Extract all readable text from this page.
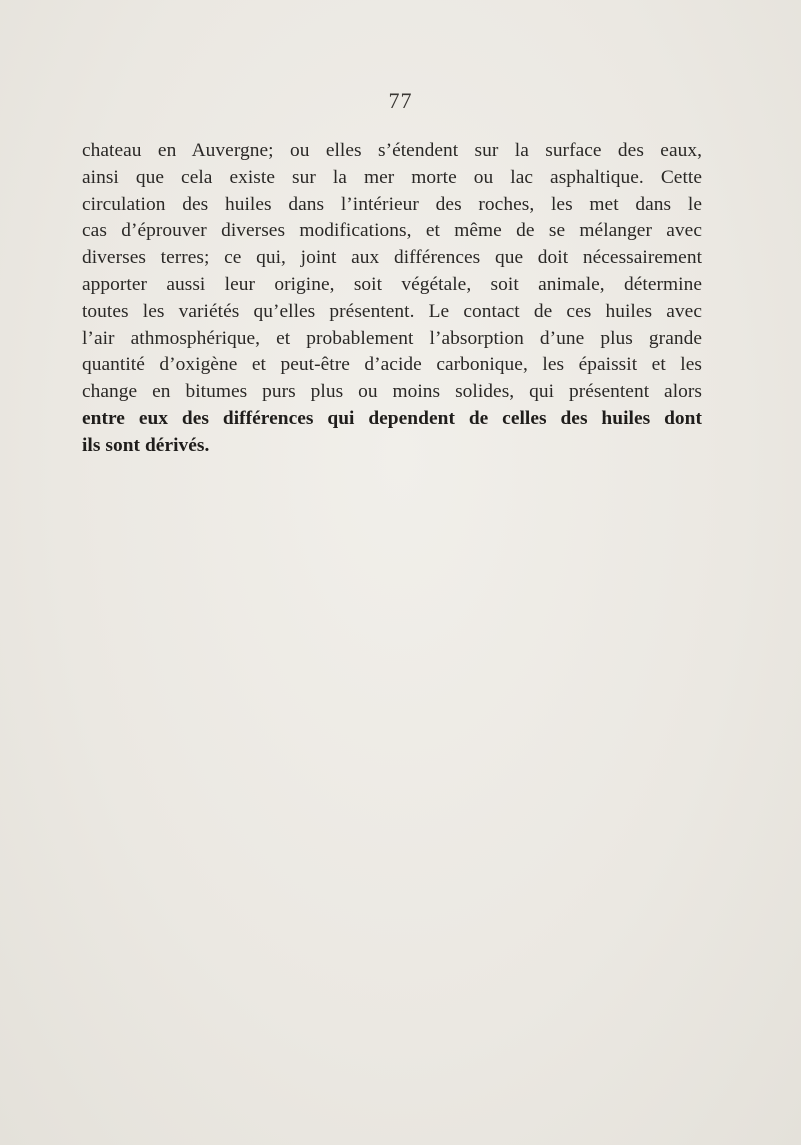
77
chateau en Auvergne; ou elles s’étendent sur la surface des eaux,
ainsi que cela existe sur la mer morte ou lac asphaltique. Cette
circulation des huiles dans l’intérieur des roches, les met dans le
cas d’éprouver diverses modifications, et même de se mélanger avec
diverses terres; ce qui, joint aux différences que doit nécessairement
apporter aussi leur origine, soit végétale, soit animale, détermine
toutes les variétés qu’elles présentent. Le contact de ces huiles avec
l’air athmosphérique, et probablement l’absorption d’une plus grande
quantité d’oxigène et peut-être d’acide carbonique, les épaissit et les
change en bitumes purs plus ou moins solides, qui présentent alors
entre eux des différences qui dependent de celles des huiles dont
ils sont dérivés.
